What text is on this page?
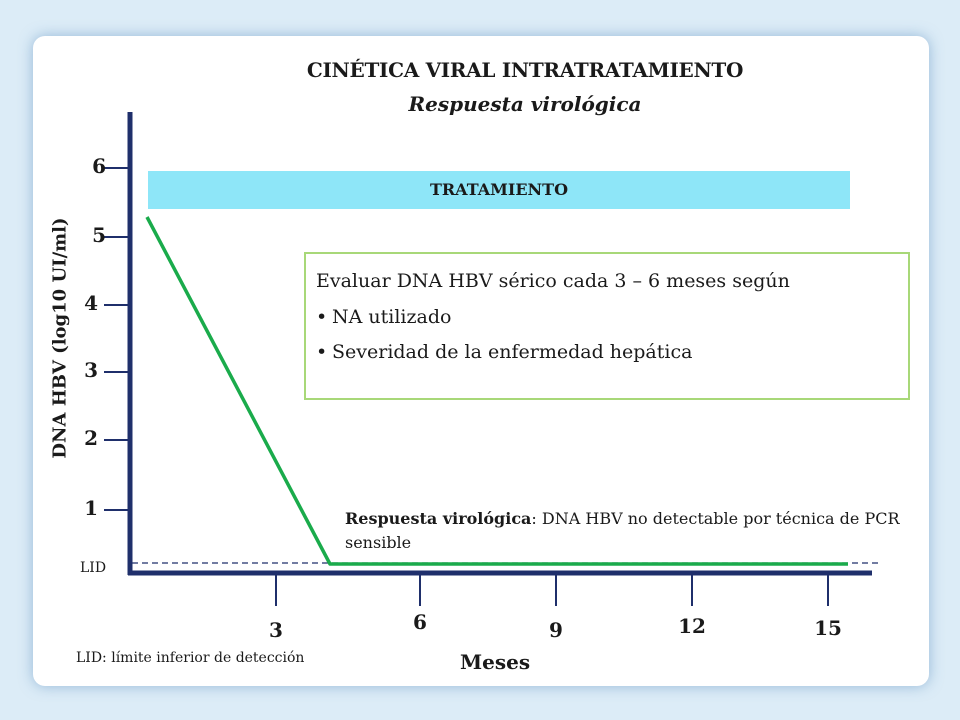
CINÉTICA VIRAL INTRATRATAMIENTO
Respuesta virológica
DNA HBV (log10 UI/ml)
6
5
4
3
2
1
LID
3	6	9	12	15
TRATAMIENTO
Evaluar DNA HBV sérico cada 3 – 6 meses según
• NA utilizado
• Severidad de la enfermedad hepática
Respuesta virológica: DNA HBV no detectable por técnica de PCR sensible
LID: límite inferior de detección	Meses
